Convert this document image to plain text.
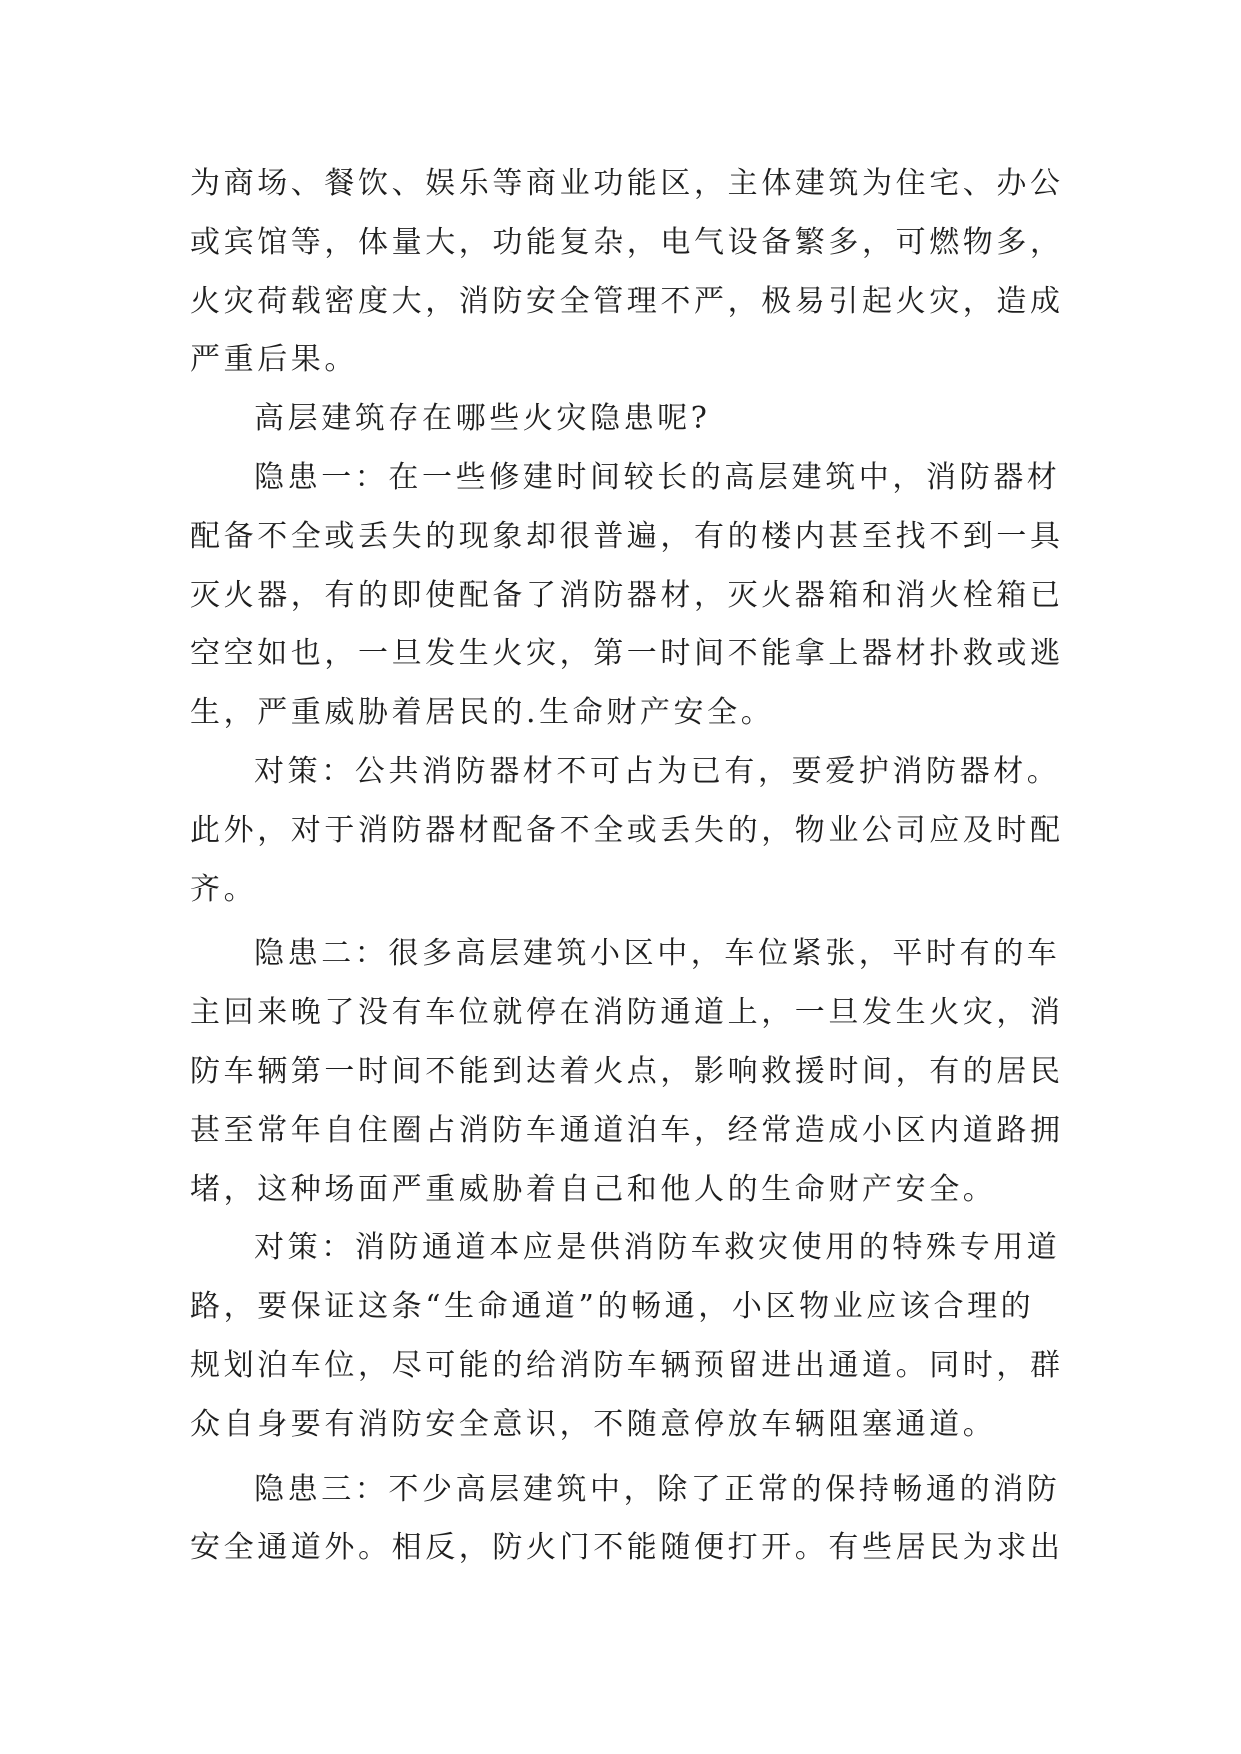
为商场、餐饮、娱乐等商业功能区，主体建筑为住宅、办公
或宾馆等，体量大，功能复杂，电气设备繁多，可燃物多，
火灾荷载密度大，消防安全管理不严，极易引起火灾，造成
严重后果。
高层建筑存在哪些火灾隐患呢?
隐患一：在一些修建时间较长的高层建筑中，消防器材
配备不全或丢失的现象却很普遍，有的楼内甚至找不到一具
灭火器，有的即使配备了消防器材，灭火器箱和消火栓箱已
空空如也，一旦发生火灾，第一时间不能拿上器材扑救或逃
生，严重威胁着居民的.生命财产安全。
对策：公共消防器材不可占为已有，要爱护消防器材。
此外，对于消防器材配备不全或丢失的，物业公司应及时配
齐。
隐患二：很多高层建筑小区中，车位紧张，平时有的车
主回来晚了没有车位就停在消防通道上，一旦发生火灾，消
防车辆第一时间不能到达着火点，影响救援时间，有的居民
甚至常年自住圈占消防车通道泊车，经常造成小区内道路拥
堵，这种场面严重威胁着自己和他人的生命财产安全。
对策：消防通道本应是供消防车救灾使用的特殊专用道
路，要保证这条“生命通道”的畅通，小区物业应该合理的
规划泊车位，尽可能的给消防车辆预留进出通道。同时，群
众自身要有消防安全意识，不随意停放车辆阻塞通道。
隐患三：不少高层建筑中，除了正常的保持畅通的消防
安全通道外。相反，防火门不能随便打开。有些居民为求出
